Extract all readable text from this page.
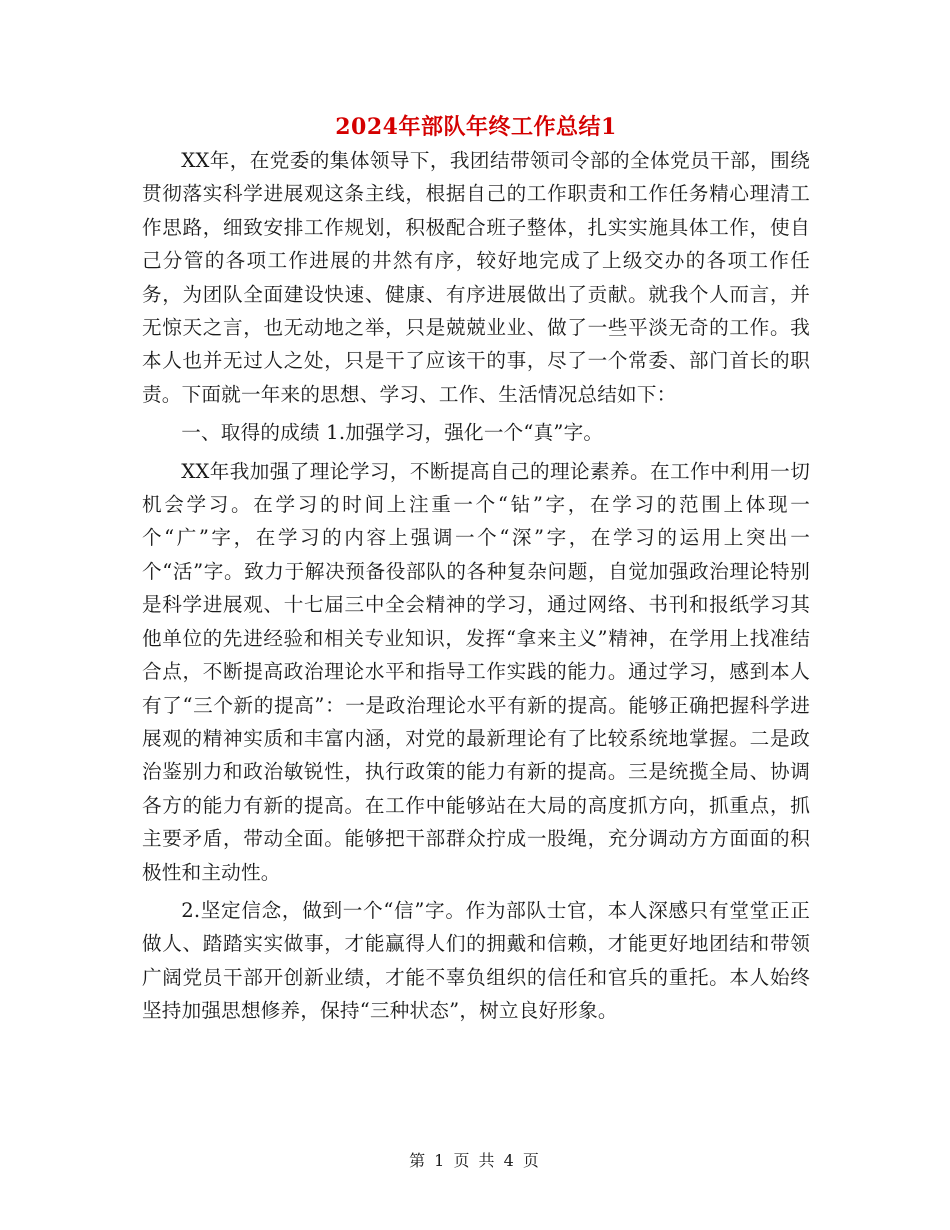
2024年部队年终工作总结1

XX年，在党委的集体领导下，我团结带领司令部的全体党员干部，围绕贯彻落实科学进展观这条主线，根据自己的工作职责和工作任务精心理清工作思路，细致安排工作规划，积极配合班子整体，扎实实施具体工作，使自己分管的各项工作进展的井然有序，较好地完成了上级交办的各项工作任务，为团队全面建设快速、健康、有序进展做出了贡献。就我个人而言，并无惊天之言，也无动地之举，只是兢兢业业、做了一些平淡无奇的工作。我本人也并无过人之处，只是干了应该干的事，尽了一个常委、部门首长的职责。下面就一年来的思想、学习、工作、生活情况总结如下：

一、取得的成绩 1.加强学习，强化一个“真”字。

XX年我加强了理论学习，不断提高自己的理论素养。在工作中利用一切机会学习。在学习的时间上注重一个“钻”字，在学习的范围上体现一个“广”字，在学习的内容上强调一个“深”字，在学习的运用上突出一个“活”字。致力于解决预备役部队的各种复杂问题，自觉加强政治理论特别是科学进展观、十七届三中全会精神的学习，通过网络、书刊和报纸学习其他单位的先进经验和相关专业知识，发挥“拿来主义”精神，在学用上找准结合点，不断提高政治理论水平和指导工作实践的能力。通过学习，感到本人有了“三个新的提高”：一是政治理论水平有新的提高。能够正确把握科学进展观的精神实质和丰富内涵，对党的最新理论有了比较系统地掌握。二是政治鉴别力和政治敏锐性，执行政策的能力有新的提高。三是统揽全局、协调各方的能力有新的提高。在工作中能够站在大局的高度抓方向，抓重点，抓主要矛盾，带动全面。能够把干部群众拧成一股绳，充分调动方方面面的积极性和主动性。

2.坚定信念，做到一个“信”字。作为部队士官，本人深感只有堂堂正正做人、踏踏实实做事，才能赢得人们的拥戴和信赖，才能更好地团结和带领广阔党员干部开创新业绩，才能不辜负组织的信任和官兵的重托。本人始终坚持加强思想修养，保持“三种状态”，树立良好形象。

第 1 页 共 4 页
